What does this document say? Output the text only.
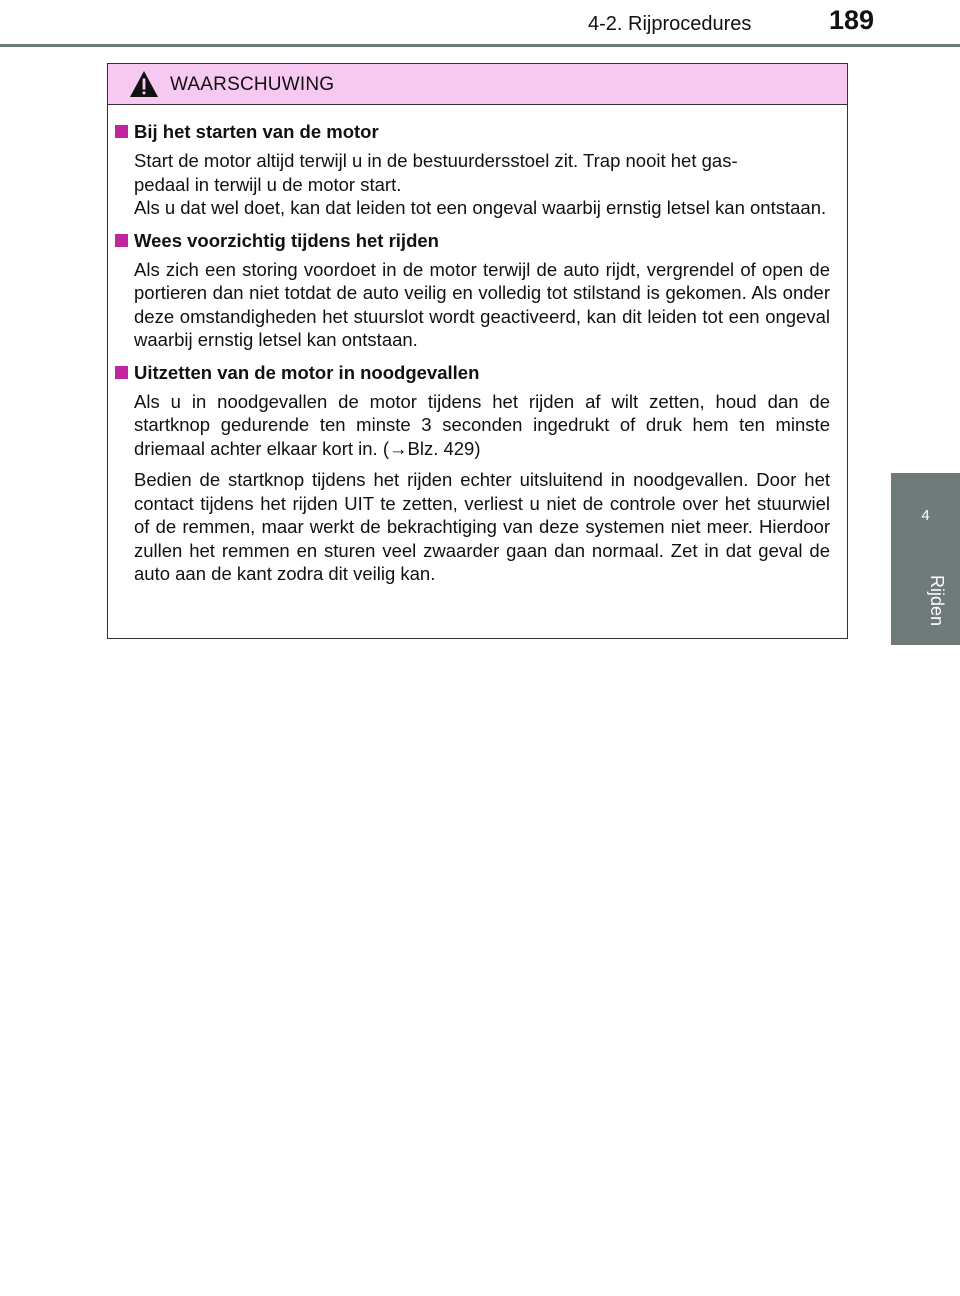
4-2. Rijprocedures	189
4
Rijden
WAARSCHUWING
Bij het starten van de motor
Start de motor altijd terwijl u in de bestuurdersstoel zit. Trap nooit het gas-
pedaal in terwijl u de motor start.
Als u dat wel doet, kan dat leiden tot een ongeval waarbij ernstig letsel kan ontstaan.
Wees voorzichtig tijdens het rijden
Als zich een storing voordoet in de motor terwijl de auto rijdt, vergrendel of open de portieren dan niet totdat de auto veilig en volledig tot stilstand is gekomen. Als onder deze omstandigheden het stuurslot wordt geactiveerd, kan dit leiden tot een ongeval waarbij ernstig letsel kan ontstaan.
Uitzetten van de motor in noodgevallen
Als u in noodgevallen de motor tijdens het rijden af wilt zetten, houd dan de startknop gedurende ten minste 3 seconden ingedrukt of druk hem ten minste driemaal achter elkaar kort in. (→Blz. 429)
Bedien de startknop tijdens het rijden echter uitsluitend in noodgevallen. Door het contact tijdens het rijden UIT te zetten, verliest u niet de controle over het stuurwiel of de remmen, maar werkt de bekrachtiging van deze systemen niet meer. Hierdoor zullen het remmen en sturen veel zwaarder gaan dan normaal. Zet in dat geval de auto aan de kant zodra dit veilig kan.
